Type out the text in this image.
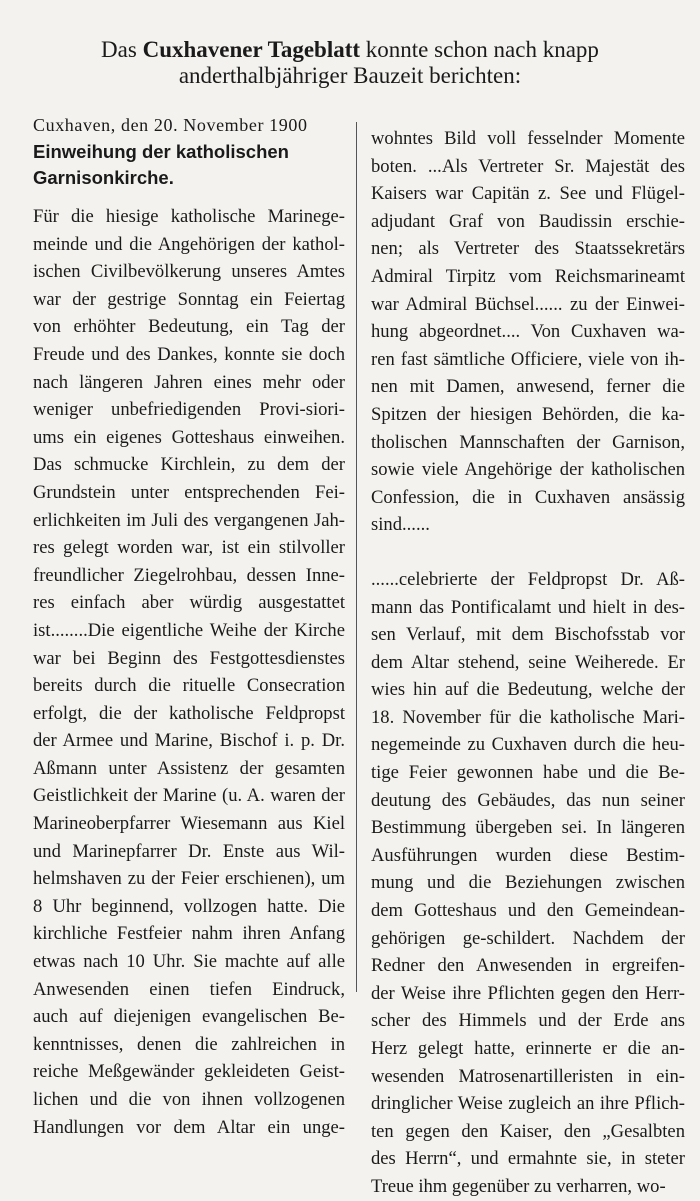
Das Cuxhavener Tageblatt konnte schon nach knapp
anderthalbjähriger Bauzeit berichten:
Cuxhaven, den 20. November 1900
Einweihung der katholischen
Garnisonkirche.
Für die hiesige katholische Marinege-
meinde und die Angehörigen der kathol-
ischen Civilbevölkerung unseres Amtes
war der gestrige Sonntag ein Feiertag
von erhöhter Bedeutung, ein Tag der
Freude und des Dankes, konnte sie doch
nach längeren Jahren eines mehr oder
weniger unbefriedigenden Provi-siori-
ums ein eigenes Gotteshaus einweihen.
Das schmucke Kirchlein, zu dem der
Grundstein unter entsprechenden Fei-
erlichkeiten im Juli des vergangenen Jah-
res gelegt worden war, ist ein stilvoller
freundlicher Ziegelrohbau, dessen Inne-
res einfach aber würdig ausgestattet
ist........Die eigentliche Weihe der Kirche
war bei Beginn des Festgottesdienstes
bereits durch die rituelle Consecration
erfolgt, die der katholische Feldpropst
der Armee und Marine, Bischof i. p. Dr.
Aßmann unter Assistenz der gesamten
Geistlichkeit der Marine (u. A. waren der
Marineoberpfarrer Wiesemann aus Kiel
und Marinepfarrer Dr. Enste aus Wil-
helmshaven zu der Feier erschienen), um
8 Uhr beginnend, vollzogen hatte. Die
kirchliche Festfeier nahm ihren Anfang
etwas nach 10 Uhr. Sie machte auf alle
Anwesenden einen tiefen Eindruck,
auch auf diejenigen evangelischen Be-
kenntnisses, denen die zahlreichen in
reiche Meßgewänder gekleideten Geist-
lichen und die von ihnen vollzogenen
Handlungen vor dem Altar ein unge-
wohntes Bild voll fesselnder Momente
boten. ...Als Vertreter Sr. Majestät des
Kaisers war Capitän z. See und Flügel-
adjudant Graf von Baudissin erschie-
nen; als Vertreter des Staatssekretärs
Admiral Tirpitz vom Reichsmarineamt
war Admiral Büchsel...... zu der Einwei-
hung abgeordnet.... Von Cuxhaven wa-
ren fast sämtliche Officiere, viele von ih-
nen mit Damen, anwesend, ferner die
Spitzen der hiesigen Behörden, die ka-
tholischen Mannschaften der Garnison,
sowie viele Angehörige der katholischen
Confession, die in Cuxhaven ansässig
sind......
......celebrierte der Feldpropst Dr. Aß-
mann das Pontificalamt und hielt in des-
sen Verlauf, mit dem Bischofsstab vor
dem Altar stehend, seine Weiherede. Er
wies hin auf die Bedeutung, welche der
18. November für die katholische Mari-
negemeinde zu Cuxhaven durch die heu-
tige Feier gewonnen habe und die Be-
deutung des Gebäudes, das nun seiner
Bestimmung übergeben sei. In längeren
Ausführungen wurden diese Bestim-
mung und die Beziehungen zwischen
dem Gotteshaus und den Gemeindean-
gehörigen ge-schildert. Nachdem der
Redner den Anwesenden in ergreifen-
der Weise ihre Pflichten gegen den Herr-
scher des Himmels und der Erde ans
Herz gelegt hatte, erinnerte er die an-
wesenden Matrosenartilleristen in ein-
dringlicher Weise zugleich an ihre Pflich-
ten gegen den Kaiser, den „Gesalbten
des Herrn“, und ermahnte sie, in steter
Treue ihm gegenüber zu verharren, wo-
